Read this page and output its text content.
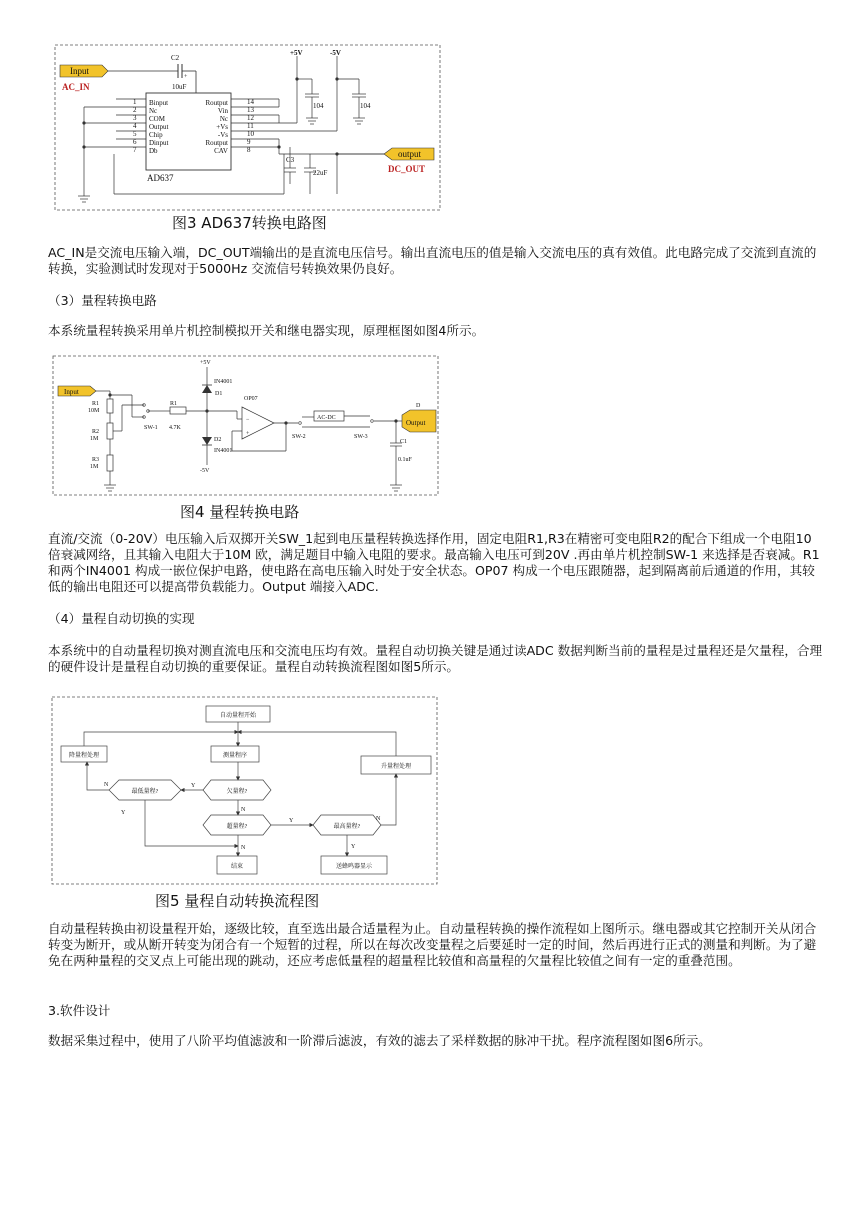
Input
AC_IN
C2
+
10uF
AD637
1
2
3
4
5
6
7
Binput
Nc
COM
Output
Chip
Dinput
Db
Routput
Vin
Nc
+Vs
-Vs
Routput
CAV
14
13
12
11
10
9
8
+5V	-5V
104	104
C3
22uF
output
DC_OUT
图3 AD637转换电路图

AC_IN是交流电压输入端，DC_OUT端输出的是直流电压信号。输出直流电压的值是输入交流电压的真有效值。此电路完成了交流到直流的转换，实验测试时发现对于5000Hz 交流信号转换效果仍良好。

（3）量程转换电路

本系统量程转换采用单片机控制模拟开关和继电器实现，原理框图如图4所示。

Input
−
+
Output
R1
10M
R2
1M
R3
1M
SW-1
R1
4.7K
+5V
-5V
IN4001
D1
D2
IN4001
OP07
SW-2
AC-DC
SW-3
D
C1
0.1uF
图4 量程转换电路

直流/交流（0-20V）电压输入后双掷开关SW_1起到电压量程转换选择作用，固定电阻R1,R3在精密可变电阻R2的配合下组成一个电阻10倍衰减网络，且其输入电阻大于10M 欧，满足题目中输入电阻的要求。最高输入电压可到20V .再由单片机控制SW-1 来选择是否衰减。R1和两个IN4001 构成一嵌位保护电路，使电路在高电压输入时处于安全状态。OP07 构成一个电压跟随器，起到隔离前后通道的作用，其较低的输出电阻还可以提高带负载能力。Output 端接入ADC.

（4）量程自动切换的实现

本系统中的自动量程切换对测直流电压和交流电压均有效。量程自动切换关键是通过读ADC 数据判断当前的量程是过量程还是欠量程，合理的硬件设计是量程自动切换的重要保证。量程自动转换流程图如图5所示。

自动量程开始
测量程序
降量程处理
升量程处理
最低量程?	欠量程?
超量程?	最高量程?
结束	送蜂鸣器显示
Y
N
N
Y
N
Y	N
Y
图5 量程自动转换流程图

自动量程转换由初设量程开始，逐级比较，直至选出最合适量程为止。自动量程转换的操作流程如上图所示。继电器或其它控制开关从闭合转变为断开，或从断开转变为闭合有一个短暂的过程，所以在每次改变量程之后要延时一定的时间，然后再进行正式的测量和判断。为了避免在两种量程的交叉点上可能出现的跳动，还应考虑低量程的超量程比较值和高量程的欠量程比较值之间有一定的重叠范围。

3.软件设计

数据采集过程中，使用了八阶平均值滤波和一阶滞后滤波，有效的滤去了采样数据的脉冲干扰。程序流程图如图6所示。
